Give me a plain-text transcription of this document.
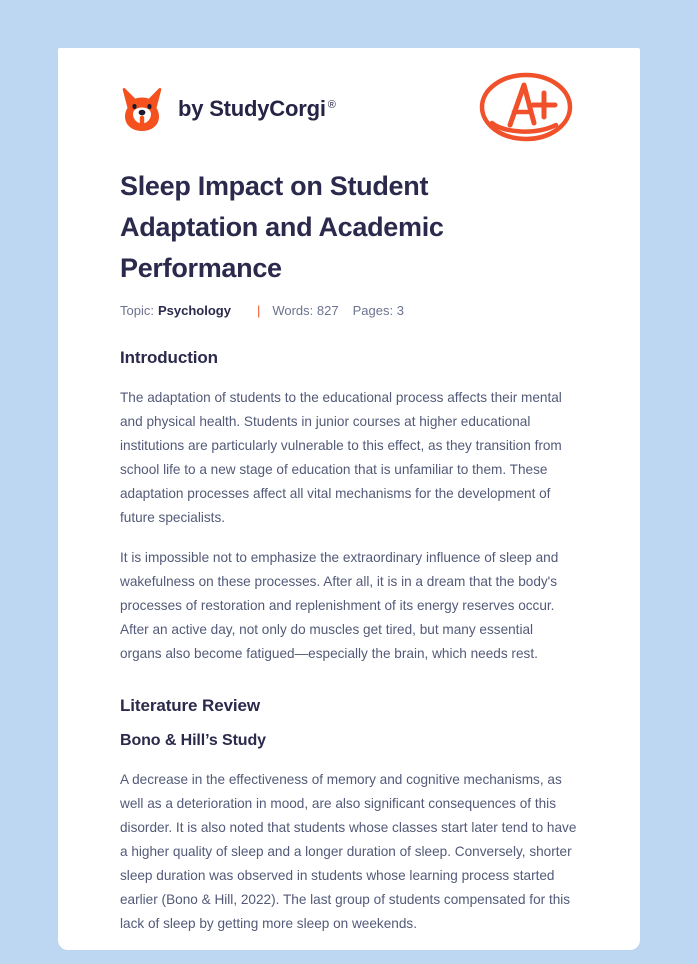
by StudyCorgi ®
Sleep Impact on Student Adaptation and Academic Performance
Topic: Psychology | Words: 827 Pages: 3
Introduction

The adaptation of students to the educational process affects their mental and physical health. Students in junior courses at higher educational institutions are particularly vulnerable to this effect, as they transition from school life to a new stage of education that is unfamiliar to them. These adaptation processes affect all vital mechanisms for the development of future specialists.

It is impossible not to emphasize the extraordinary influence of sleep and wakefulness on these processes. After all, it is in a dream that the body's processes of restoration and replenishment of its energy reserves occur. After an active day, not only do muscles get tired, but many essential organs also become fatigued—especially the brain, which needs rest.

Literature Review
Bono & Hill’s Study

A decrease in the effectiveness of memory and cognitive mechanisms, as well as a deterioration in mood, are also significant consequences of this disorder. It is also noted that students whose classes start later tend to have a higher quality of sleep and a longer duration of sleep. Conversely, shorter sleep duration was observed in students whose learning process started earlier (Bono & Hill, 2022). The last group of students compensated for this lack of sleep by getting more sleep on weekends.
